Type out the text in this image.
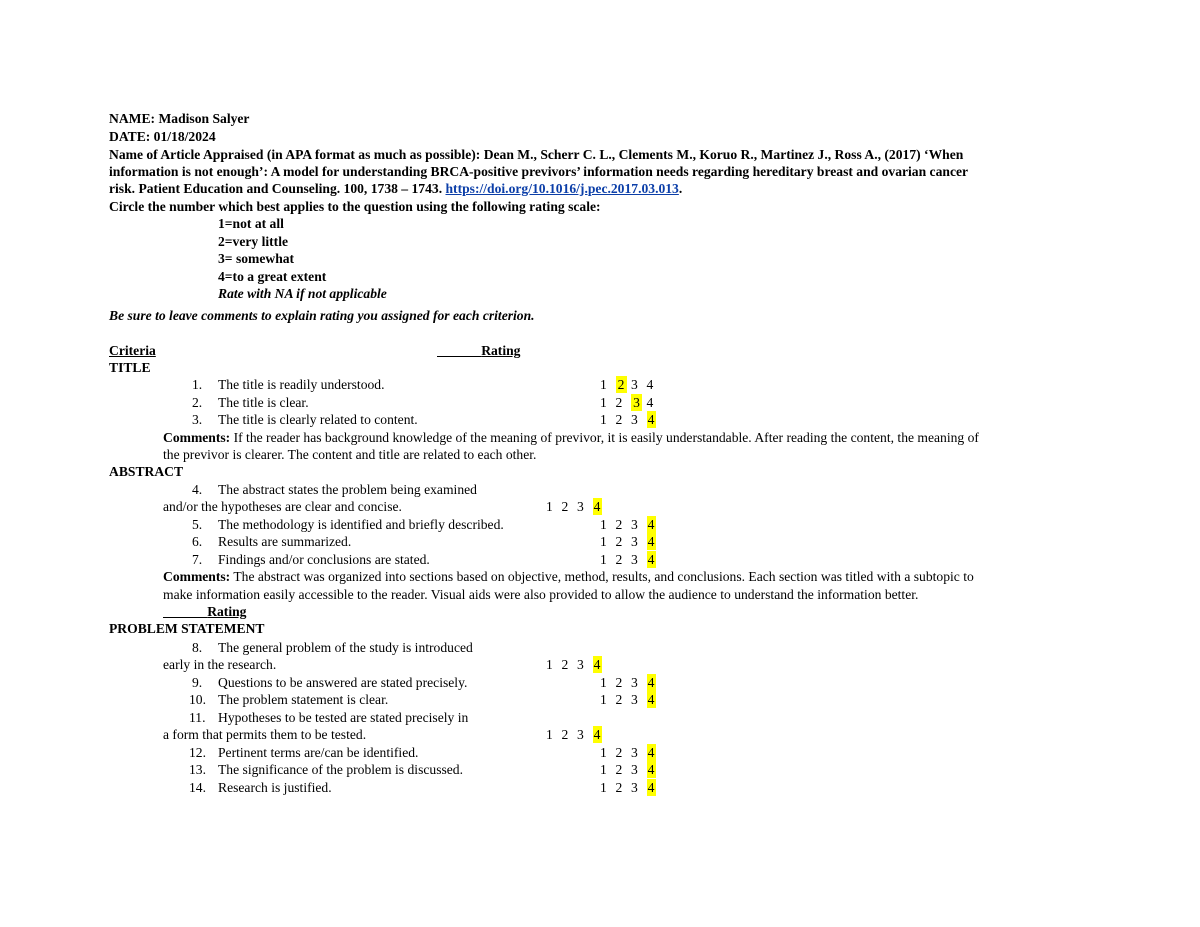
NAME: Madison Salyer
DATE: 01/18/2024
Name of Article Appraised (in APA format as much as possible): Dean M., Scherr C. L., Clements M., Koruo R., Martinez J., Ross A., (2017) ‘When
information is not enough’: A model for understanding BRCA-positive previvors’ information needs regarding hereditary breast and ovarian cancer
risk. Patient Education and Counseling. 100, 1738 – 1743. https://doi.org/10.1016/j.pec.2017.03.013.
Circle the number which best applies to the question using the following rating scale:
1=not at all
2=very little
3= somewhat
4=to a great extent
Rate with NA if not applicable
Be sure to leave comments to explain rating you assigned for each criterion.
Criteria	Rating
TITLE
1. The title is readily understood.	1 2 3 4
2. The title is clear.	1 2 3 4
3. The title is clearly related to content.	1 2 3 4
Comments: If the reader has background knowledge of the meaning of previvor, it is easily understandable. After reading the content, the meaning of
the previvor is clearer. The content and title are related to each other.
ABSTRACT
4. The abstract states the problem being examined
and/or the hypotheses are clear and concise.	1 2 3 4
5. The methodology is identified and briefly described.	1 2 3 4
6. Results are summarized.	1 2 3 4
7. Findings and/or conclusions are stated.	1 2 3 4
Comments: The abstract was organized into sections based on objective, method, results, and conclusions. Each section was titled with a subtopic to
make information easily accessible to the reader. Visual aids were also provided to allow the audience to understand the information better.
Rating
PROBLEM STATEMENT
8. The general problem of the study is introduced
early in the research.	1 2 3 4
9. Questions to be answered are stated precisely.	1 2 3 4
10. The problem statement is clear.	1 2 3 4
11. Hypotheses to be tested are stated precisely in
a form that permits them to be tested.	1 2 3 4
12. Pertinent terms are/can be identified.	1 2 3 4
13. The significance of the problem is discussed.	1 2 3 4
14. Research is justified.	1 2 3 4
